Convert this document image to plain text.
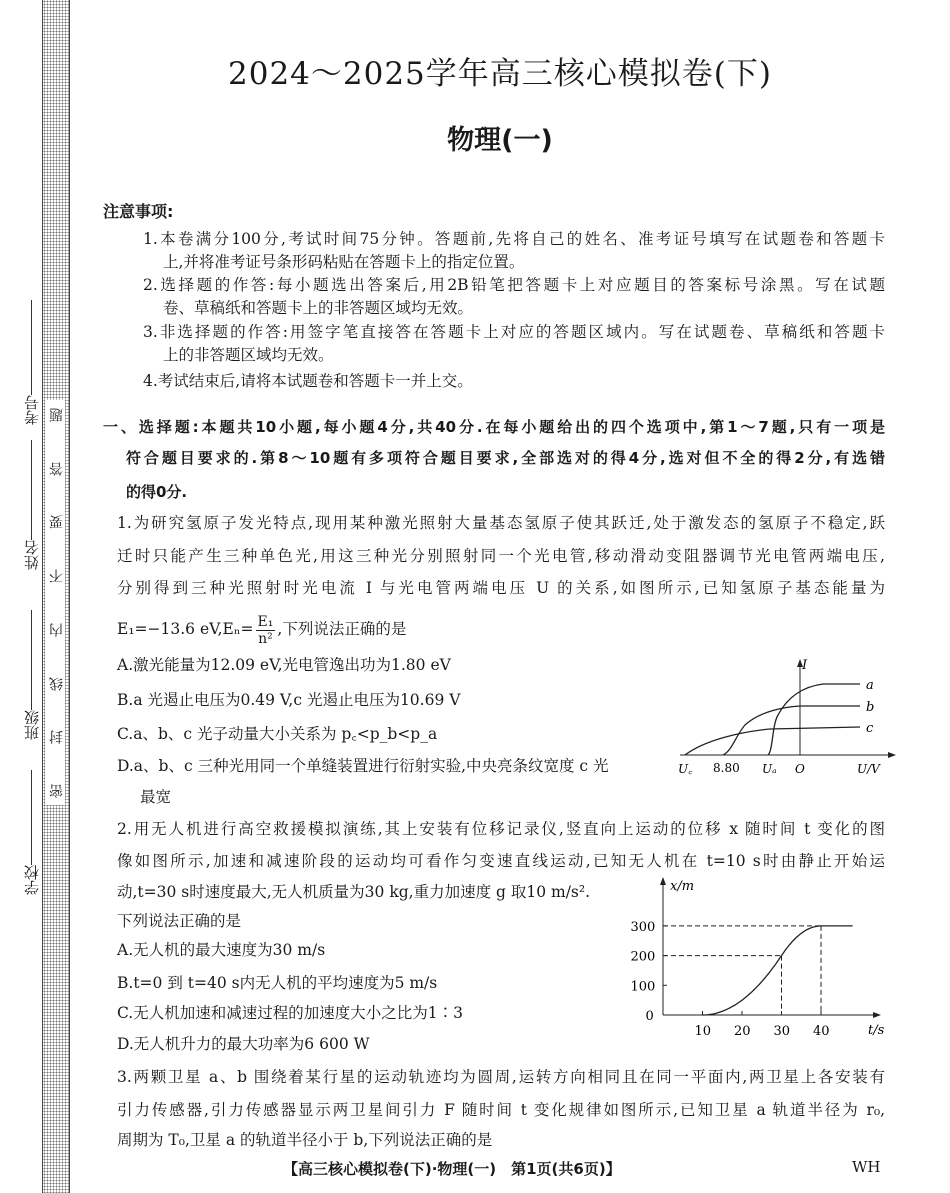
密
封
线
内
不
要
答
题
学校
班级
姓名
考号
2024～2025学年高三核心模拟卷(下)
物理(一)
注意事项:
1.本卷满分100分,考试时间75分钟。答题前,先将自己的姓名、准考证号填写在试题卷和答题卡
上,并将准考证号条形码粘贴在答题卡上的指定位置。
2.选择题的作答:每小题选出答案后,用2B铅笔把答题卡上对应题目的答案标号涂黑。写在试题
卷、草稿纸和答题卡上的非答题区域均无效。
3.非选择题的作答:用签字笔直接答在答题卡上对应的答题区域内。写在试题卷、草稿纸和答题卡
上的非答题区域均无效。
4.考试结束后,请将本试题卷和答题卡一并上交。
一、选择题:本题共10小题,每小题4分,共40分.在每小题给出的四个选项中,第1～7题,只有一项是
符合题目要求的.第8～10题有多项符合题目要求,全部选对的得4分,选对但不全的得2分,有选错
的得0分.
1.为研究氢原子发光特点,现用某种激光照射大量基态氢原子使其跃迁,处于激发态的氢原子不稳定,跃
迁时只能产生三种单色光,用这三种光分别照射同一个光电管,移动滑动变阻器调节光电管两端电压,
分别得到三种光照射时光电流 I 与光电管两端电压 U 的关系,如图所示,已知氢原子基态能量为
E₁=−13.6 $eV,E_n= \frac{\text{E₁}}{\text{n²}}$ ,下列说法正确的是
A.激光能量为12.09 eV,光电管逸出功为1.80 eV
B.a 光遏止电压为0.49 V,c 光遏止电压为10.69 V
C.a、b、c 光子动量大小关系为 p꜀<p_b<p_a
D.a、b、c 三种光用同一个单缝装置进行衍射实验,中央亮条纹宽度 c 光
最宽
I
a
b
c
U꜀ 8.80 Uₐ O	U/V
2.用无人机进行高空救援模拟演练,其上安装有位移记录仪,竖直向上运动的位移 x 随时间 t 变化的图
像如图所示,加速和减速阶段的运动均可看作匀变速直线运动,已知无人机在 t=10 s时由静止开始运
动,t=30 s时速度最大,无人机质量为30 kg,重力加速度 g 取10 m/s².
下列说法正确的是
A.无人机的最大速度为30 m/s
B.t=0 到 t=40 s内无人机的平均速度为5 m/s
C.无人机加速和减速过程的加速度大小之比为1∶3
D.无人机升力的最大功率为6 600 W
x/m
t/s
10 20 30 40
0
100
200
300
3.两颗卫星 a、b 围绕着某行星的运动轨迹均为圆周,运转方向相同且在同一平面内,两卫星上各安装有
引力传感器,引力传感器显示两卫星间引力 F 随时间 t 变化规律如图所示,已知卫星 a 轨道半径为 r₀,
周期为 T₀,卫星 a 的轨道半径小于 b,下列说法正确的是
【高三核心模拟卷(下)·物理(一)　第1页(共6页)】	WH
